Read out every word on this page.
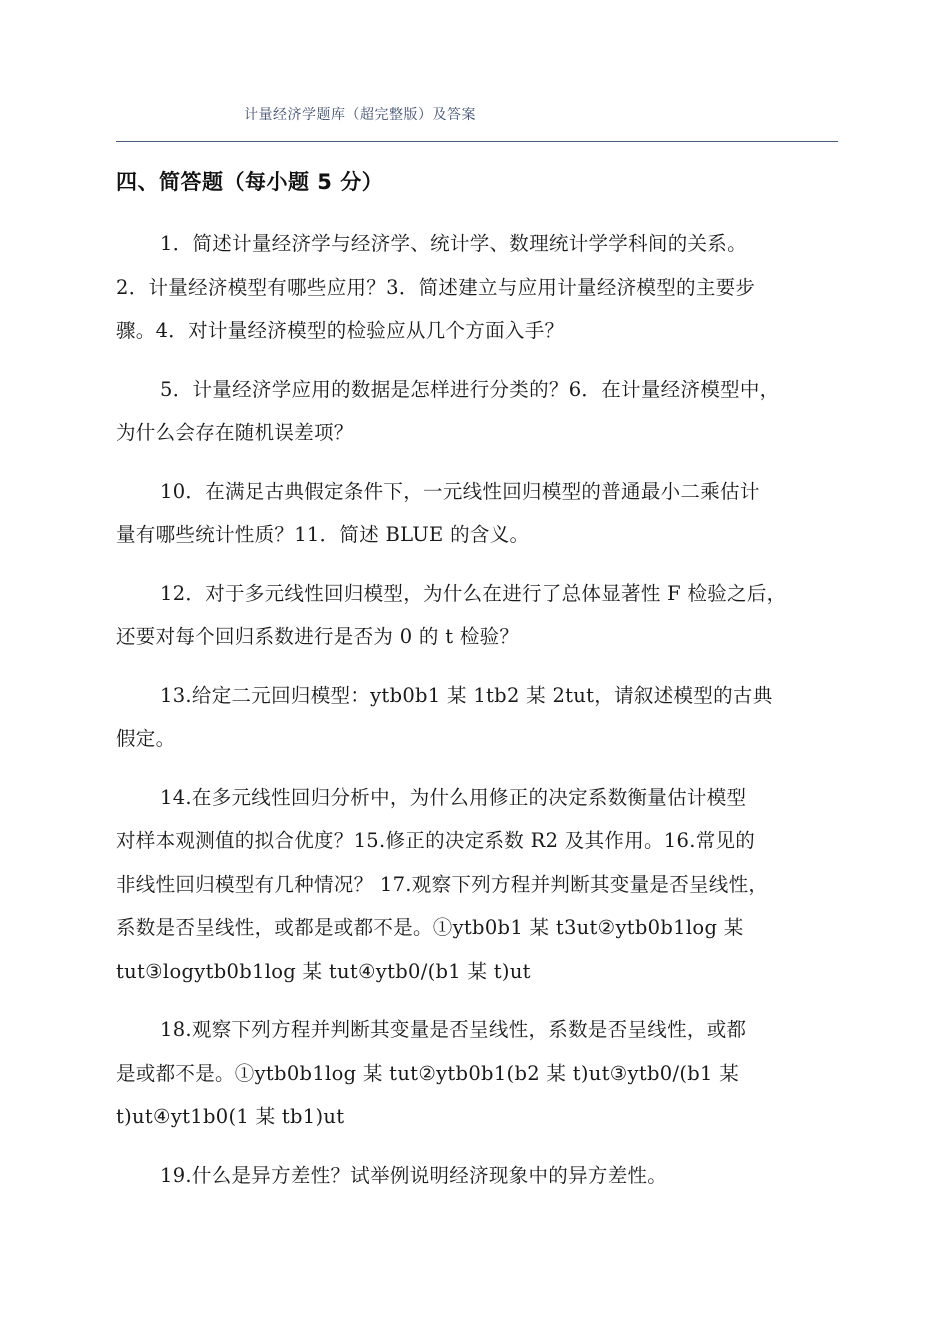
计量经济学题库（超完整版）及答案
四、简答题（每小题 5 分）

1．简述计量经济学与经济学、统计学、数理统计学学科间的关系。
2．计量经济模型有哪些应用？3．简述建立与应用计量经济模型的主要步
骤。4．对计量经济模型的检验应从几个方面入手？

5．计量经济学应用的数据是怎样进行分类的？6．在计量经济模型中，
为什么会存在随机误差项？

10．在满足古典假定条件下，一元线性回归模型的普通最小二乘估计
量有哪些统计性质？11．简述 BLUE 的含义。

12．对于多元线性回归模型，为什么在进行了总体显著性 F 检验之后，
还要对每个回归系数进行是否为 0 的 t 检验？

13.给定二元回归模型：ytb0b1 某 1tb2 某 2tut，请叙述模型的古典
假定。

14.在多元线性回归分析中，为什么用修正的决定系数衡量估计模型
对样本观测值的拟合优度？15.修正的决定系数 R2 及其作用。16.常见的
非线性回归模型有几种情况？ 17.观察下列方程并判断其变量是否呈线性，
系数是否呈线性，或都是或都不是。①ytb0b1 某 t3ut②ytb0b1log 某
tut③logytb0b1log 某 tut④ytb0/(b1 某 t)ut

18.观察下列方程并判断其变量是否呈线性，系数是否呈线性，或都
是或都不是。①ytb0b1log 某 tut②ytb0b1(b2 某 t)ut③ytb0/(b1 某
t)ut④yt1b0(1 某 tb1)ut

19.什么是异方差性？试举例说明经济现象中的异方差性。
